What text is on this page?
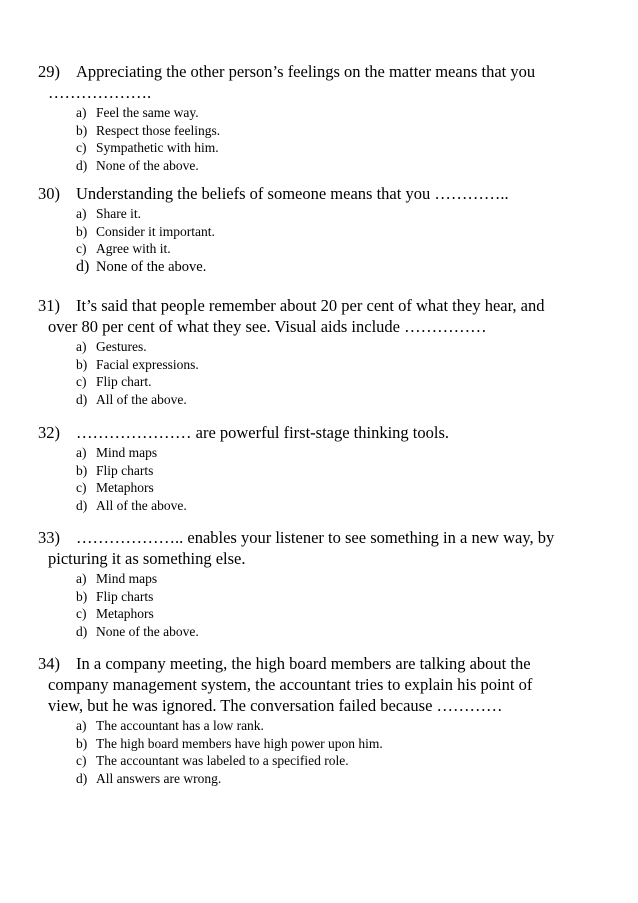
29) Appreciating the other person’s feelings on the matter means that you
……………….
a) Feel the same way.
b) Respect those feelings.
c) Sympathetic with him.
d) None of the above.
30) Understanding the beliefs of someone means that you …………..
a) Share it.
b) Consider it important.
c) Agree with it.
d) None of the above.
31) It’s said that people remember about 20 per cent of what they hear, and
over 80 per cent of what they see. Visual aids include ……………
a) Gestures.
b) Facial expressions.
c) Flip chart.
d) All of the above.
32) ………………… are powerful first-stage thinking tools.
a) Mind maps
b) Flip charts
c) Metaphors
d) All of the above.
33) ……………….. enables your listener to see something in a new way, by
picturing it as something else.
a) Mind maps
b) Flip charts
c) Metaphors
d) None of the above.
34) In a company meeting, the high board members are talking about the
company management system, the accountant tries to explain his point of
view, but he was ignored. The conversation failed because …………
a) The accountant has a low rank.
b) The high board members have high power upon him.
c) The accountant was labeled to a specified role.
d) All answers are wrong.
